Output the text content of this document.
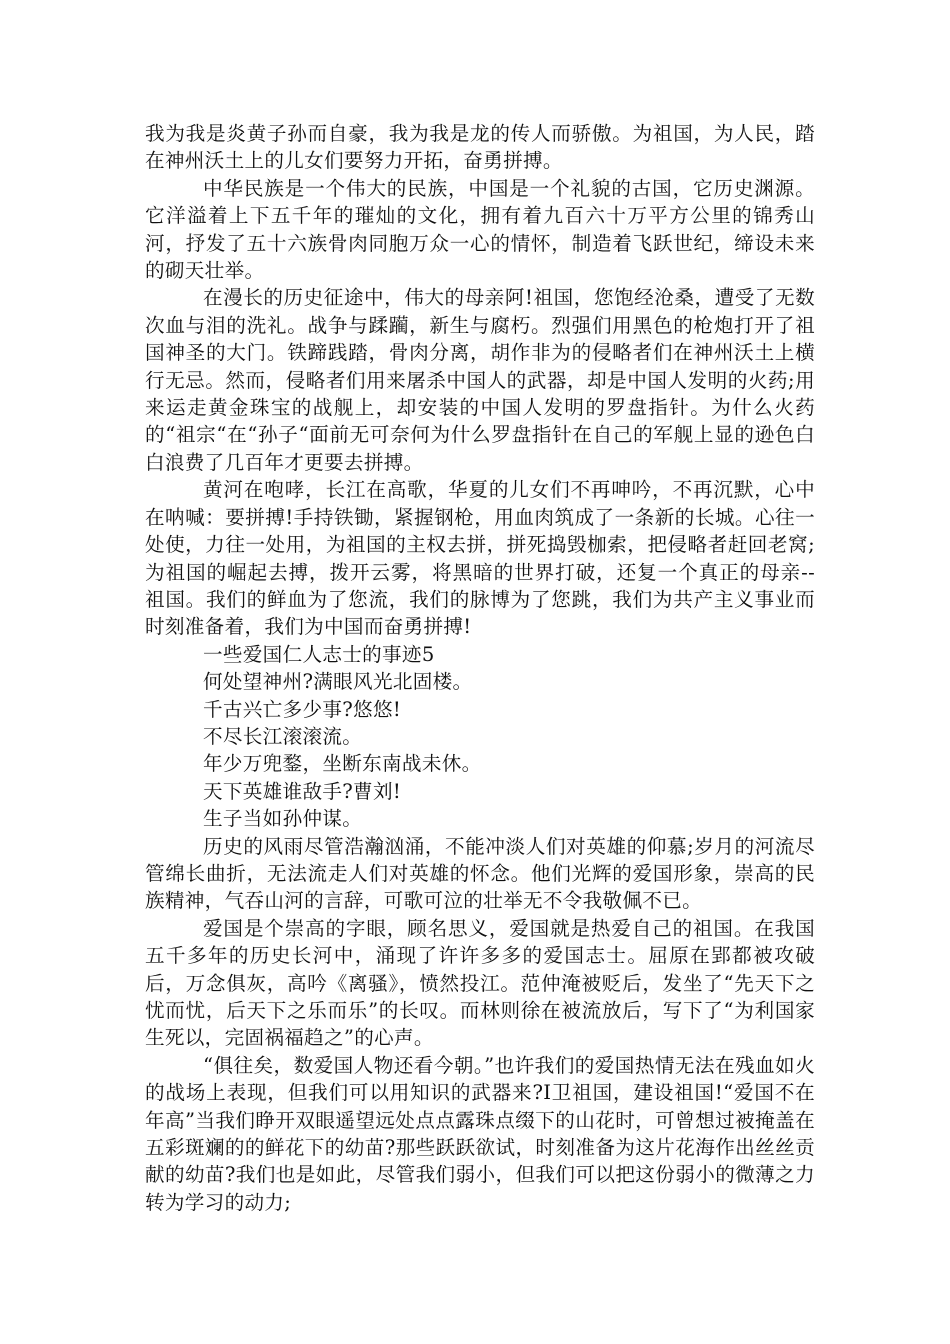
我为我是炎黄子孙而自豪，我为我是龙的传人而骄傲。为祖国，为人民，踏在神州沃土上的儿女们要努力开拓，奋勇拼搏。

中华民族是一个伟大的民族，中国是一个礼貌的古国，它历史渊源。它洋溢着上下五千年的璀灿的文化，拥有着九百六十万平方公里的锦秀山河，抒发了五十六族骨肉同胞万众一心的情怀，制造着飞跃世纪，缔设未来的砌天壮举。

在漫长的历史征途中，伟大的母亲阿!祖国，您饱经沧桑，遭受了无数次血与泪的洗礼。战争与蹂躏，新生与腐朽。烈强们用黑色的枪炮打开了祖国神圣的大门。铁蹄践踏，骨肉分离，胡作非为的侵略者们在神州沃土上横行无忌。然而，侵略者们用来屠杀中国人的武器，却是中国人发明的火药;用来运走黄金珠宝的战舰上，却安装的中国人发明的罗盘指针。为什么火药的“祖宗“在“孙子“面前无可奈何为什么罗盘指针在自己的军舰上显的逊色白白浪费了几百年才更要去拼搏。

黄河在咆哮，长江在高歌，华夏的儿女们不再呻吟，不再沉默，心中在呐喊：要拼搏!手持铁锄，紧握钢枪，用血肉筑成了一条新的长城。心往一处使，力往一处用，为祖国的主权去拼，拼死捣毁枷索，把侵略者赶回老窝;为祖国的崛起去搏，拨开云雾，将黑暗的世界打破，还复一个真正的母亲--祖国。我们的鲜血为了您流，我们的脉博为了您跳，我们为共产主义事业而时刻准备着，我们为中国而奋勇拼搏!

一些爱国仁人志士的事迹5

何处望神州?满眼风光北固楼。

千古兴亡多少事?悠悠!

不尽长江滚滚流。

年少万兜鍪，坐断东南战未休。

天下英雄谁敌手?曹刘!

生子当如孙仲谋。

历史的风雨尽管浩瀚汹涌，不能冲淡人们对英雄的仰慕;岁月的河流尽管绵长曲折，无法流走人们对英雄的怀念。他们光辉的爱国形象，崇高的民族精神，气吞山河的言辞，可歌可泣的壮举无不令我敬佩不已。

爱国是个崇高的字眼，顾名思义，爱国就是热爱自己的祖国。在我国五千多年的历史长河中，涌现了许许多多的爱国志士。屈原在郢都被攻破后，万念俱灰，高吟《离骚》，愤然投江。范仲淹被贬后，发坐了“先天下之忧而忧，后天下之乐而乐”的长叹。而林则徐在被流放后，写下了“为利国家生死以，完固祸福趋之”的心声。

“俱往矣，数爱国人物还看今朝。”也许我们的爱国热情无法在残血如火的战场上表现，但我们可以用知识的武器来?I卫祖国，建设祖国!“爱国不在年高”当我们睁开双眼遥望远处点点露珠点缀下的山花时，可曾想过被掩盖在五彩斑斓的的鲜花下的幼苗?那些跃跃欲试，时刻准备为这片花海作出丝丝贡献的幼苗?我们也是如此，尽管我们弱小，但我们可以把这份弱小的微薄之力转为学习的动力;
